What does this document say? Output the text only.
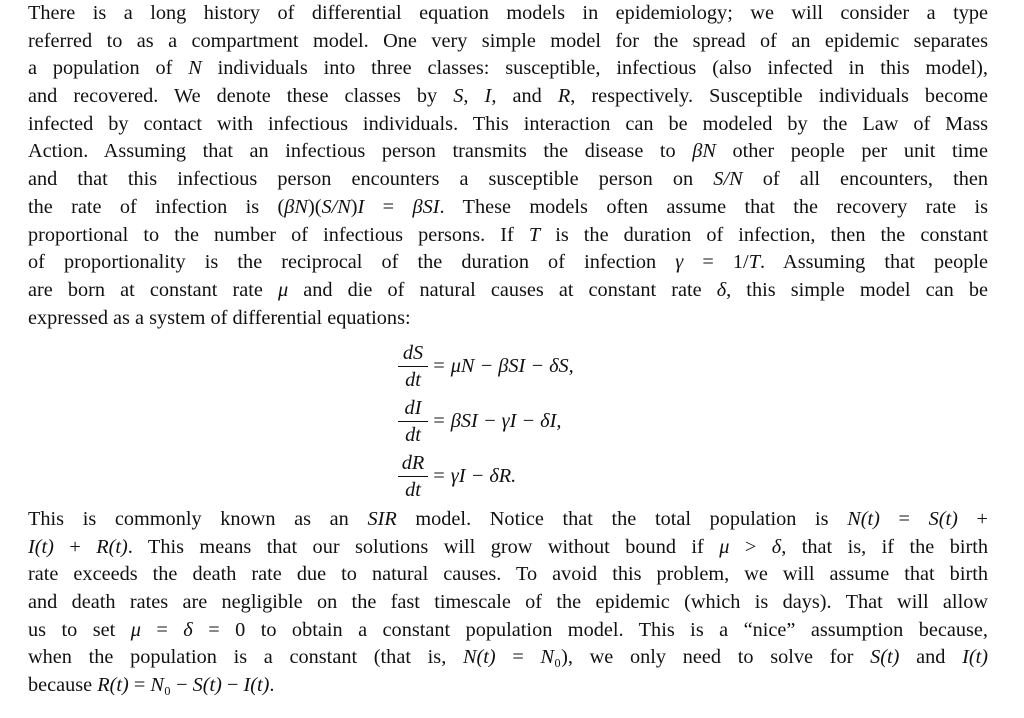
There is a long history of differential equation models in epidemiology; we will consider a type
referred to as a compartment model. One very simple model for the spread of an epidemic separates
a population of N individuals into three classes: susceptible, infectious (also infected in this model),
and recovered. We denote these classes by S, I, and R, respectively. Susceptible individuals become
infected by contact with infectious individuals. This interaction can be modeled by the Law of Mass
Action. Assuming that an infectious person transmits the disease to βN other people per unit time
and that this infectious person encounters a susceptible person on S/N of all encounters, then
the rate of infection is (βN)(S/N)I = βSI. These models often assume that the recovery rate is
proportional to the number of infectious persons. If T is the duration of infection, then the constant
of proportionality is the reciprocal of the duration of infection γ = 1/T. Assuming that people
are born at constant rate μ and die of natural causes at constant rate δ, this simple model can be
expressed as a system of differential equations:
$\frac{dS}{dt} = \mu N - \beta SI - \delta S$,
$\frac{dI}{dt} = \beta SI - \gamma I - \delta I$,
$\frac{dR}{dt} = \gamma I - \delta R$.
This is commonly known as an SIR model. Notice that the total population is N(t) = S(t) +
I(t) + R(t). This means that our solutions will grow without bound if μ > δ, that is, if the birth
rate exceeds the death rate due to natural causes. To avoid this problem, we will assume that birth
and death rates are negligible on the fast timescale of the epidemic (which is days). That will allow
us to set μ = δ = 0 to obtain a constant population model. This is a “nice” assumption because,
when the population is a constant (that is, N(t) = N₀), we only need to solve for S(t) and I(t)
because R(t) = N₀ − S(t) − I(t).
